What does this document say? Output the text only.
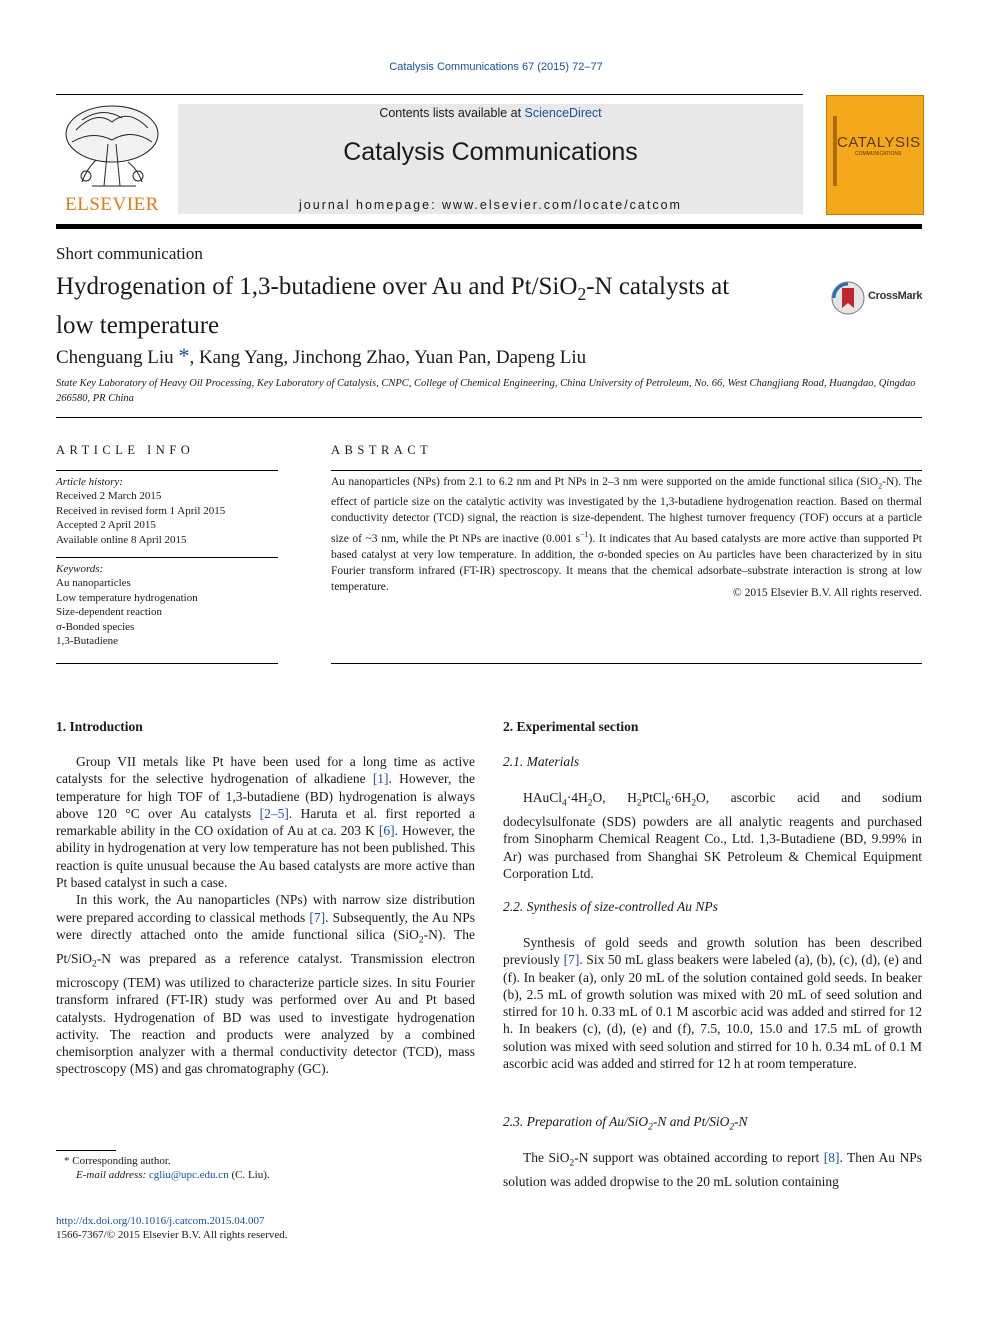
Catalysis Communications 67 (2015) 72–77
ELSEVIER
Contents lists available at ScienceDirect
Catalysis Communications
journal homepage: www.elsevier.com/locate/catcom
CATALYSIS
COMMUNICATIONS
Short communication
Hydrogenation of 1,3-butadiene over Au and Pt/SiO$_2$-N catalysts at low temperature
CrossMark
Chenguang Liu *, Kang Yang, Jinchong Zhao, Yuan Pan, Dapeng Liu
State Key Laboratory of Heavy Oil Processing, Key Laboratory of Catalysis, CNPC, College of Chemical Engineering, China University of Petroleum, No. 66, West Changjiang Road, Huangdao, Qingdao 266580, PR China
ARTICLE INFO	ABSTRACT
Article history:
Received 2 March 2015
Received in revised form 1 April 2015
Accepted 2 April 2015
Available online 8 April 2015
Keywords:
Au nanoparticles
Low temperature hydrogenation
Size-dependent reaction
σ-Bonded species
1,3-Butadiene
Au nanoparticles (NPs) from 2.1 to 6.2 nm and Pt NPs in 2–3 nm were supported on the amide functional silica (SiO$_2$-N). The effect of particle size on the catalytic activity was investigated by the 1,3-butadiene hydrogenation reaction. Based on thermal conductivity detector (TCD) signal, the reaction is size-dependent. The highest turnover frequency (TOF) occurs at a particle size of ~3 nm, while the Pt NPs are inactive (0.001 $s^{-1}$). It indicates that Au based catalysts are more active than supported Pt based catalyst at very low temperature. In addition, the σ-bonded species on Au particles have been characterized by in situ Fourier transform infrared (FT-IR) spectroscopy. It means that the chemical adsorbate–substrate interaction is strong at low temperature.
© 2015 Elsevier B.V. All rights reserved.
1. Introduction

Group VII metals like Pt have been used for a long time as active catalysts for the selective hydrogenation of alkadiene [1]. However, the temperature for high TOF of 1,3-butadiene (BD) hydrogenation is always above 120 °C over Au catalysts [2–5]. Haruta et al. first reported a remarkable ability in the CO oxidation of Au at ca. 203 K [6]. However, the ability in hydrogenation at very low temperature has not been published. This reaction is quite unusual because the Au based catalysts are more active than Pt based catalyst in such a case.

In this work, the Au nanoparticles (NPs) with narrow size distribution were prepared according to classical methods [7]. Subsequently, the Au NPs were directly attached onto the amide functional silica (SiO$_2$-N). The Pt/SiO$_2$-N was prepared as a reference catalyst. Transmission electron microscopy (TEM) was utilized to characterize particle sizes. In situ Fourier transform infrared (FT-IR) study was performed over Au and Pt based catalysts. Hydrogenation of BD was used to investigate hydrogenation activity. The reaction and products were analyzed by a combined chemisorption analyzer with a thermal conductivity detector (TCD), mass spectroscopy (MS) and gas chromatography (GC).

2. Experimental section
2.1. Materials

$HAuCl_4\cdot 4H_2O$, $H_2PtCl_6\cdot 6H_2O$, ascorbic acid and sodium dodecylsulfonate (SDS) powders are all analytic reagents and purchased from Sinopharm Chemical Reagent Co., Ltd. 1,3-Butadiene (BD, 9.99% in Ar) was purchased from Shanghai SK Petroleum & Chemical Equipment Corporation Ltd.

2.2. Synthesis of size-controlled Au NPs

Synthesis of gold seeds and growth solution has been described previously [7]. Six 50 mL glass beakers were labeled (a), (b), (c), (d), (e) and (f). In beaker (a), only 20 mL of the solution contained gold seeds. In beaker (b), 2.5 mL of growth solution was mixed with 20 mL of seed solution and stirred for 10 h. 0.33 mL of 0.1 M ascorbic acid was added and stirred for 12 h. In beakers (c), (d), (e) and (f), 7.5, 10.0, 15.0 and 17.5 mL of growth solution was mixed with seed solution and stirred for 10 h. 0.34 mL of 0.1 M ascorbic acid was added and stirred for 12 h at room temperature.

2.3. Preparation of Au/SiO$_2$-N and Pt/SiO$_2$-N

The SiO$_2$-N support was obtained according to report [8]. Then Au NPs solution was added dropwise to the 20 mL solution containing

* Corresponding author.
E-mail address: cgliu@upc.edu.cn (C. Liu).
http://dx.doi.org/10.1016/j.catcom.2015.04.007
1566-7367/© 2015 Elsevier B.V. All rights reserved.
